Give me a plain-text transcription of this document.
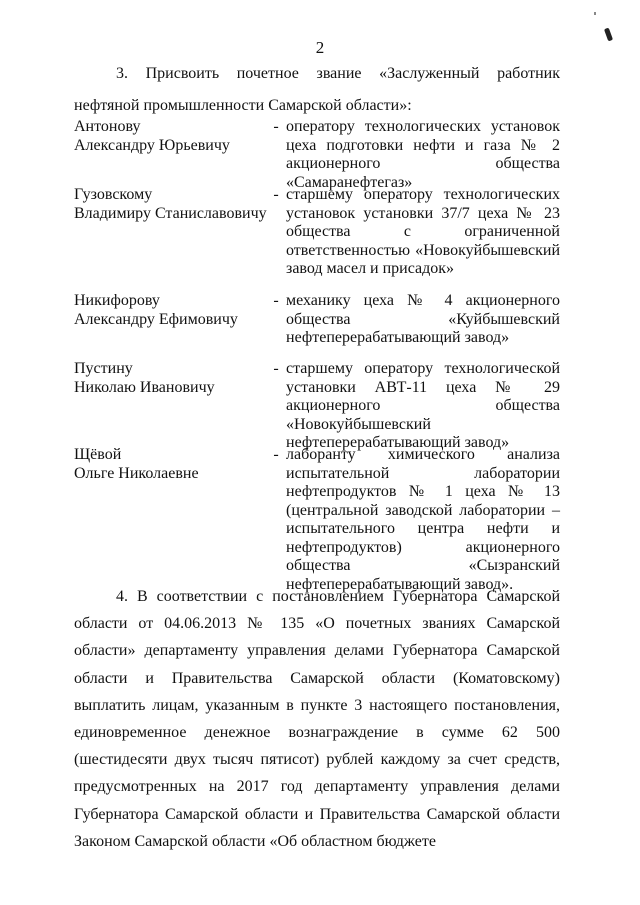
2
3. Присвоить почетное звание «Заслуженный работник нефтяной промышленности Самарской области»:
Антонову
Александру Юрьевичу
- оператору технологических установок цеха подготовки нефти и газа № 2 акционерного общества «Самаранефтегаз»
Гузовскому
Владимиру Станиславовичу
- старшему оператору технологических установок установки 37/7 цеха № 23 общества с ограниченной ответственностью «Новокуйбышевский завод масел и присадок»
Никифорову
Александру Ефимовичу
- механику цеха № 4 акционерного общества «Куйбышевский нефтеперерабатывающий завод»
Пустину
Николаю Ивановичу
- старшему оператору технологической установки АВТ-11 цеха № 29 акционерного общества «Новокуйбышевский нефтеперерабатывающий завод»
Щёвой
Ольге Николаевне
- лаборанту химического анализа испытательной лаборатории нефтепродуктов № 1 цеха № 13 (центральной заводской лаборатории – испытательного центра нефти и нефтепродуктов) акционерного общества «Сызранский нефтеперерабатывающий завод».
4. В соответствии с постановлением Губернатора Самарской области от 04.06.2013 № 135 «О почетных званиях Самарской области» департаменту управления делами Губернатора Самарской области и Правительства Самарской области (Коматовскому) выплатить лицам, указанным в пункте 3 настоящего постановления, единовременное денежное вознаграждение в сумме 62 500 (шестидесяти двух тысяч пятисот) рублей каждому за счет средств, предусмотренных на 2017 год департаменту управления делами Губернатора Самарской области и Правительства Самарской области Законом Самарской области «Об областном бюджете
